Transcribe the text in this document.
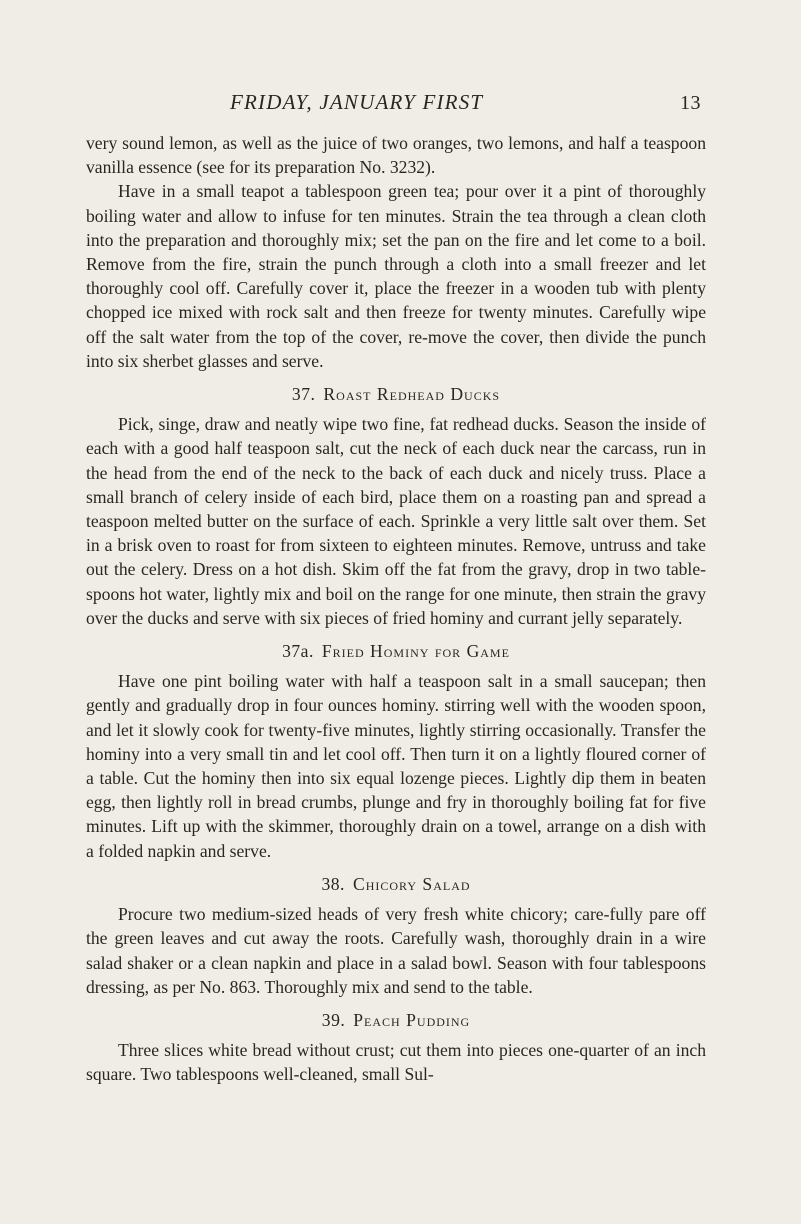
FRIDAY, JANUARY FIRST	13

very sound lemon, as well as the juice of two oranges, two lemons, and half a teaspoon vanilla essence (see for its preparation No. 3232).

Have in a small teapot a tablespoon green tea; pour over it a pint of thoroughly boiling water and allow to infuse for ten minutes. Strain the tea through a clean cloth into the preparation and thoroughly mix; set the pan on the fire and let come to a boil. Remove from the fire, strain the punch through a cloth into a small freezer and let thoroughly cool off. Carefully cover it, place the freezer in a wooden tub with plenty chopped ice mixed with rock salt and then freeze for twenty minutes. Carefully wipe off the salt water from the top of the cover, re-move the cover, then divide the punch into six sherbet glasses and serve.

37. Roast Redhead Ducks

Pick, singe, draw and neatly wipe two fine, fat redhead ducks. Season the inside of each with a good half teaspoon salt, cut the neck of each duck near the carcass, run in the head from the end of the neck to the back of each duck and nicely truss. Place a small branch of celery inside of each bird, place them on a roasting pan and spread a teaspoon melted butter on the surface of each. Sprinkle a very little salt over them. Set in a brisk oven to roast for from sixteen to eighteen minutes. Remove, untruss and take out the celery. Dress on a hot dish. Skim off the fat from the gravy, drop in two table-spoons hot water, lightly mix and boil on the range for one minute, then strain the gravy over the ducks and serve with six pieces of fried hominy and currant jelly separately.

37a. Fried Hominy for Game

Have one pint boiling water with half a teaspoon salt in a small saucepan; then gently and gradually drop in four ounces hominy. stirring well with the wooden spoon, and let it slowly cook for twenty-five minutes, lightly stirring occasionally. Transfer the hominy into a very small tin and let cool off. Then turn it on a lightly floured corner of a table. Cut the hominy then into six equal lozenge pieces. Lightly dip them in beaten egg, then lightly roll in bread crumbs, plunge and fry in thoroughly boiling fat for five minutes. Lift up with the skimmer, thoroughly drain on a towel, arrange on a dish with a folded napkin and serve.

38. Chicory Salad

Procure two medium-sized heads of very fresh white chicory; care-fully pare off the green leaves and cut away the roots. Carefully wash, thoroughly drain in a wire salad shaker or a clean napkin and place in a salad bowl. Season with four tablespoons dressing, as per No. 863. Thoroughly mix and send to the table.

39. Peach Pudding

Three slices white bread without crust; cut them into pieces one-quarter of an inch square. Two tablespoons well-cleaned, small Sul-
